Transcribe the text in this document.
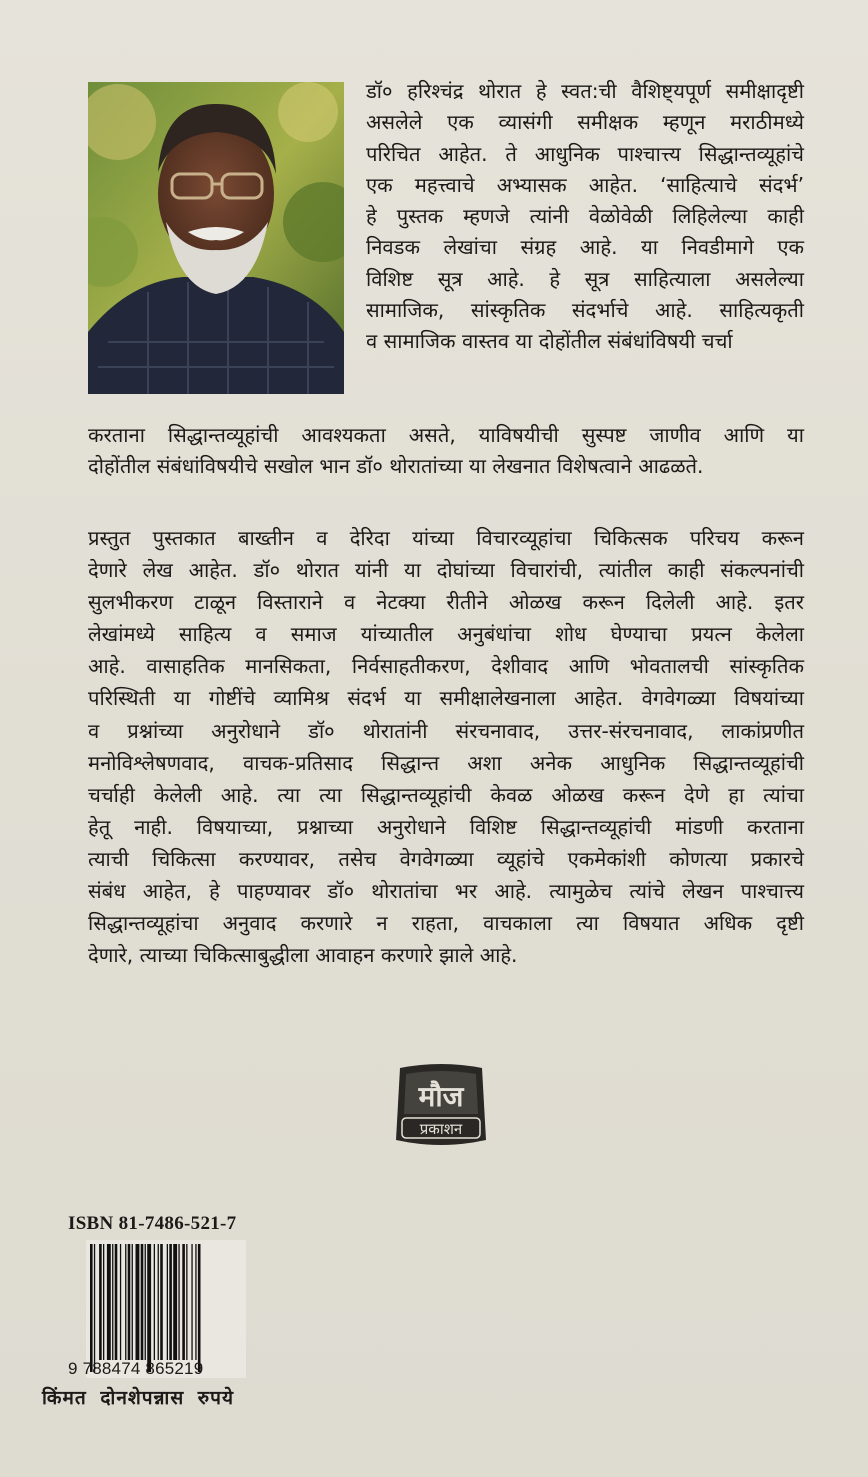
डॉ० हरिश्चंद्र थोरात हे स्वत:ची वैशिष्ट्यपूर्ण समीक्षादृष्टी
असलेले एक व्यासंगी समीक्षक म्हणून मराठीमध्ये
परिचित आहेत. ते आधुनिक पाश्चात्त्य सिद्धान्तव्यूहांचे
एक महत्त्वाचे अभ्यासक आहेत. ‘साहित्याचे संदर्भ’
हे पुस्तक म्हणजे त्यांनी वेळोवेळी लिहिलेल्या काही
निवडक लेखांचा संग्रह आहे. या निवडीमागे एक
विशिष्ट सूत्र आहे. हे सूत्र साहित्याला असलेल्या
सामाजिक, सांस्कृतिक संदर्भाचे आहे. साहित्यकृती
व सामाजिक वास्तव या दोहोंतील संबंधांविषयी चर्चा

करताना सिद्धान्तव्यूहांची आवश्यकता असते, याविषयीची सुस्पष्ट जाणीव आणि या
दोहोंतील संबंधांविषयीचे सखोल भान डॉ० थोरातांच्या या लेखनात विशेषत्वाने आढळते.

प्रस्तुत पुस्तकात बाख्तीन व देरिदा यांच्या विचारव्यूहांचा चिकित्सक परिचय करून
देणारे लेख आहेत. डॉ० थोरात यांनी या दोघांच्या विचारांची, त्यांतील काही संकल्पनांची
सुलभीकरण टाळून विस्ताराने व नेटक्या रीतीने ओळख करून दिलेली आहे. इतर
लेखांमध्ये साहित्य व समाज यांच्यातील अनुबंधांचा शोध घेण्याचा प्रयत्न केलेला
आहे. वासाहतिक मानसिकता, निर्वसाहतीकरण, देशीवाद आणि भोवतालची सांस्कृतिक
परिस्थिती या गोष्टींचे व्यामिश्र संदर्भ या समीक्षालेखनाला आहेत. वेगवेगळ्या विषयांच्या
व प्रश्नांच्या अनुरोधाने डॉ० थोरातांनी संरचनावाद, उत्तर-संरचनावाद, लाकांप्रणीत
मनोविश्लेषणवाद, वाचक-प्रतिसाद सिद्धान्त अशा अनेक आधुनिक सिद्धान्तव्यूहांची
चर्चाही केलेली आहे. त्या त्या सिद्धान्तव्यूहांची केवळ ओळख करून देणे हा त्यांचा
हेतू नाही. विषयाच्या, प्रश्नाच्या अनुरोधाने विशिष्ट सिद्धान्तव्यूहांची मांडणी करताना
त्याची चिकित्सा करण्यावर, तसेच वेगवेगळ्या व्यूहांचे एकमेकांशी कोणत्या प्रकारचे
संबंध आहेत, हे पाहण्यावर डॉ० थोरातांचा भर आहे. त्यामुळेच त्यांचे लेखन पाश्चात्त्य
सिद्धान्तव्यूहांचा अनुवाद करणारे न राहता, वाचकाला त्या विषयात अधिक दृष्टी
देणारे, त्याच्या चिकित्साबुद्धीला आवाहन करणारे झाले आहे.

मौज
प्रकाशन
ISBN 81-7486-521-7
9 788474 865219
किंमत दोनशेपन्नास रुपये
